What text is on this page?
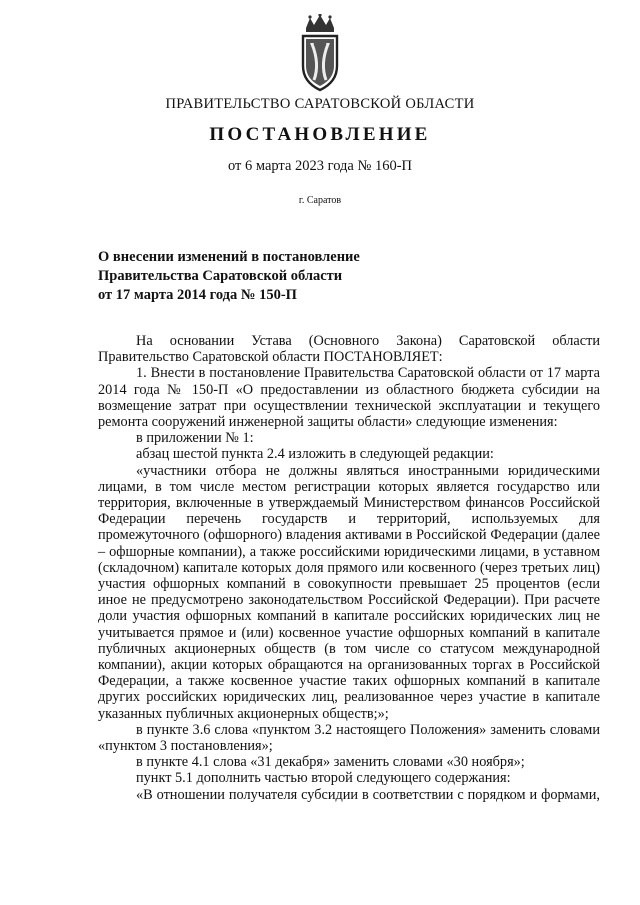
ПРАВИТЕЛЬСТВО САРАТОВСКОЙ ОБЛАСТИ
ПОСТАНОВЛЕНИЕ
от 6 марта 2023 года № 160-П
г. Саратов
О внесении изменений в постановление
Правительства Саратовской области
от 17 марта 2014 года № 150-П

На основании Устава (Основного Закона) Саратовской области Правительство Саратовской области ПОСТАНОВЛЯЕТ:

1. Внести в постановление Правительства Саратовской области от 17 марта 2014 года № 150-П «О предоставлении из областного бюджета субсидии на возмещение затрат при осуществлении технической эксплуатации и текущего ремонта сооружений инженерной защиты области» следующие изменения:

в приложении № 1:

абзац шестой пункта 2.4 изложить в следующей редакции:

«участники отбора не должны являться иностранными юридическими лицами, в том числе местом регистрации которых является государство или территория, включенные в утверждаемый Министерством финансов Российской Федерации перечень государств и территорий, используемых для промежуточного (офшорного) владения активами в Российской Федерации (далее – офшорные компании), а также российскими юридическими лицами, в уставном (складочном) капитале которых доля прямого или косвенного (через третьих лиц) участия офшорных компаний в совокупности превышает 25 процентов (если иное не предусмотрено законодательством Российской Федерации). При расчете доли участия офшорных компаний в капитале российских юридических лиц не учитывается прямое и (или) косвенное участие офшорных компаний в капитале публичных акционерных обществ (в том числе со статусом международной компании), акции которых обращаются на организованных торгах в Российской Федерации, а также косвенное участие таких офшорных компаний в капитале других российских юридических лиц, реализованное через участие в капитале указанных публичных акционерных обществ;»;

в пункте 3.6 слова «пунктом 3.2 настоящего Положения» заменить словами «пунктом 3 постановления»;

в пункте 4.1 слова «31 декабря» заменить словами «30 ноября»;

пункт 5.1 дополнить частью второй следующего содержания:

«В отношении получателя субсидии в соответствии с порядком и формами,
